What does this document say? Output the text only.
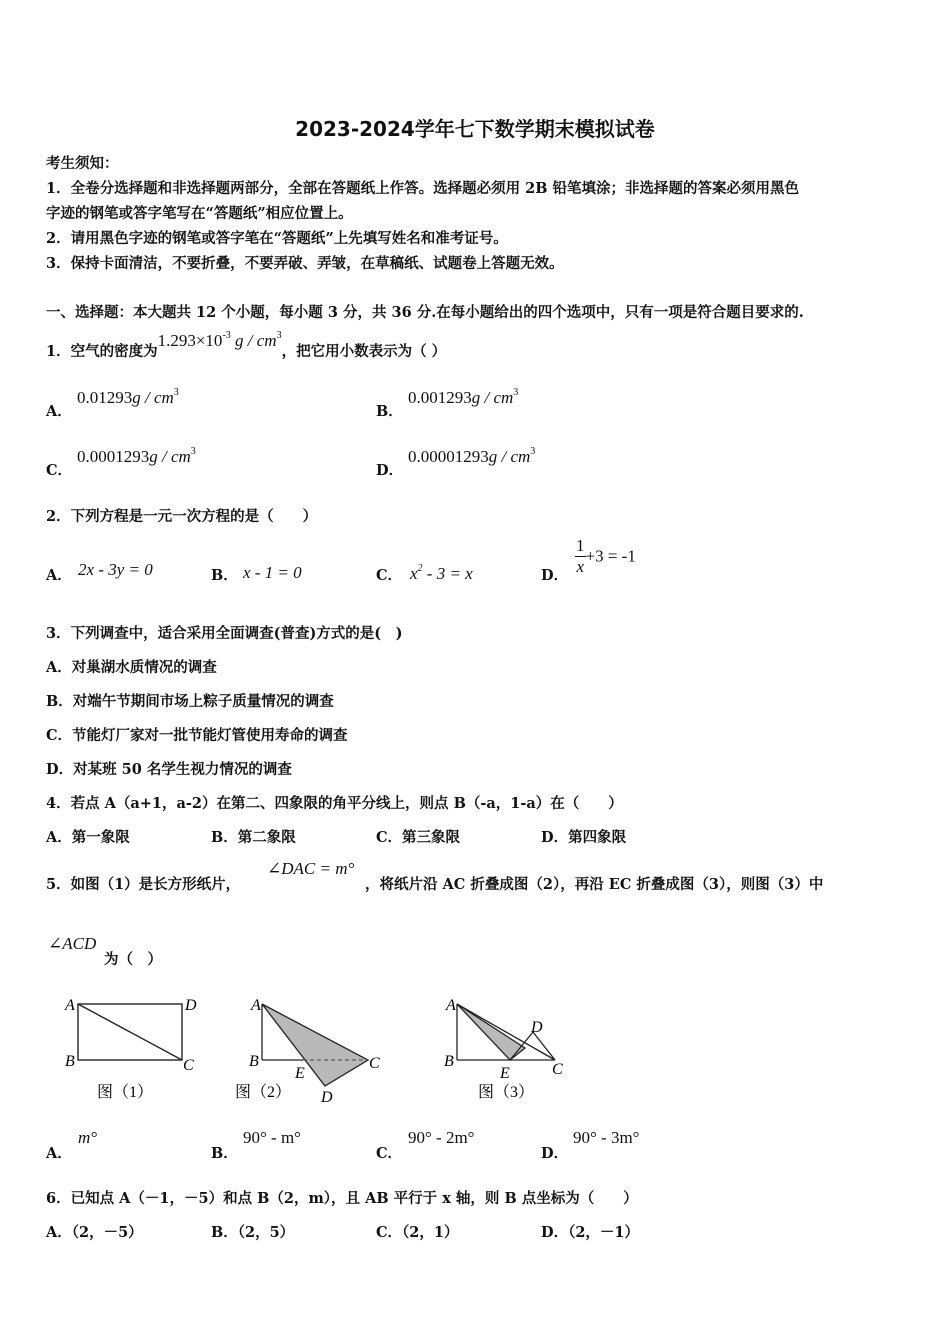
2023-2024学年七下数学期末模拟试卷
考生须知：
1．全卷分选择题和非选择题两部分，全部在答题纸上作答。选择题必须用 2B 铅笔填涂；非选择题的答案必须用黑色
字迹的钢笔或答字笔写在“答题纸”相应位置上。
2．请用黑色字迹的钢笔或答字笔在“答题纸”上先填写姓名和准考证号。
3．保持卡面清洁，不要折叠，不要弄破、弄皱，在草稿纸、试题卷上答题无效。
一、选择题：本大题共 12 个小题，每小题 3 分，共 36 分.在每小题给出的四个选项中，只有一项是符合题目要求的.
1．空气的密度为$1.293\times 10^{-3}$ g / $cm^3$，把它用小数表示为（ ）
A．
$0.01293g / cm^3$
B．
$0.001293g / cm^3$
C．
$0.0001293g / cm^3$
D．
$0.00001293g / cm^3$
2．下列方程是一元一次方程的是（　　）
A． 2x - 3y = 0	B． x - 1 = 0	C． $x^2 - 3 = x$	D． $\frac{1}{x} +3 = -1$
3．下列调查中，适合采用全面调查(普查)方式的是(　)
A．对巢湖水质情况的调查
B．对端午节期间市场上粽子质量情况的调查
C．节能灯厂家对一批节能灯管使用寿命的调查
D．对某班 50 名学生视力情况的调查
4．若点 A（a+1，a-2）在第二、四象限的角平分线上，则点 B（-a，1-a）在（　　）
A．第一象限	B．第二象限	C．第三象限	D．第四象限
5．如图（1）是长方形纸片，
∠DAC = m°
，将纸片沿 AC 折叠成图（2），再沿 EC 折叠成图（3），则图（3）中
∠ACD
为（　）
A	D
B	C
图（1）
A
B
E
C
D
图（2）
A
B
E	C
D
图（3）
A．
m°
B．
90° - m°
C．
90° - 2m°
D．
90° - 3m°
6．已知点 A（－1，－5）和点 B（2，m），且 AB 平行于 x 轴，则 B 点坐标为（　　）
A．（2，－5）	B．（2，5）	C．（2，1）	D．（2，－1）
